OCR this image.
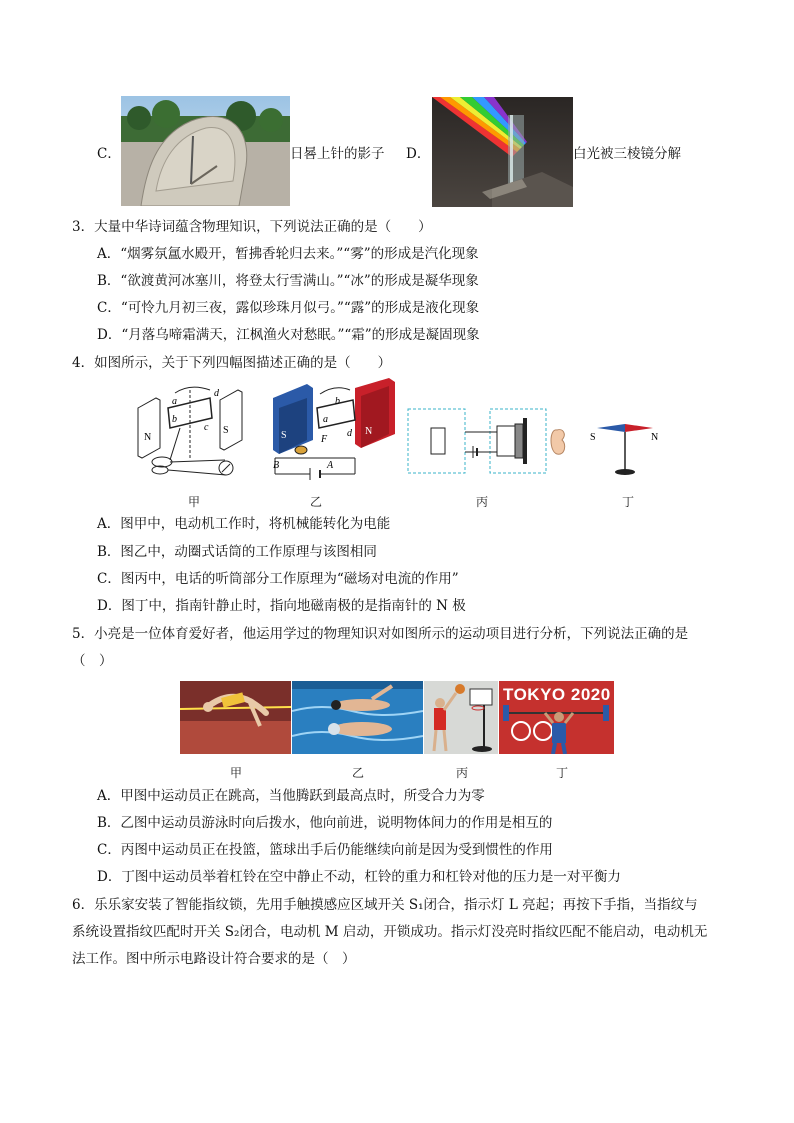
C．	日晷上针的影子 D．	白光被三棱镜分解
3．大量中华诗词蕴含物理知识，下列说法正确的是（　　）
A．“烟雾氛氲水殿开，暂拂香轮归去来。”“雾”的形成是汽化现象
B．“欲渡黄河冰塞川，将登太行雪满山。”“冰”的形成是凝华现象
C．“可怜九月初三夜，露似珍珠月似弓。”“露”的形成是液化现象
D．“月落乌啼霜满天，江枫渔火对愁眠。”“霜”的形成是凝固现象
4．如图所示，关于下列四幅图描述正确的是（　　）
N
S
a
d
b
c
S	N
b
a
d
F
B	A
S	N
甲	乙	丙	丁
A．图甲中，电动机工作时，将机械能转化为电能
B．图乙中，动圈式话筒的工作原理与该图相同
C．图丙中，电话的听筒部分工作原理为“磁场对电流的作用”
D．图丁中，指南针静止时，指向地磁南极的是指南针的 N 极
5．小亮是一位体育爱好者，他运用学过的物理知识对如图所示的运动项目进行分析，下列说法正确的是
（　）
TOKYO 2020
甲	乙	丙	丁
A．甲图中运动员正在跳高，当他腾跃到最高点时，所受合力为零
B．乙图中运动员游泳时向后拨水，他向前进，说明物体间力的作用是相互的
C．丙图中运动员正在投篮，篮球出手后仍能继续向前是因为受到惯性的作用
D．丁图中运动员举着杠铃在空中静止不动，杠铃的重力和杠铃对他的压力是一对平衡力
6．乐乐家安装了智能指纹锁，先用手触摸感应区域开关 S₁闭合，指示灯 L 亮起；再按下手指，当指纹与
系统设置指纹匹配时开关 S₂闭合，电动机 M 启动，开锁成功。指示灯没亮时指纹匹配不能启动，电动机无
法工作。图中所示电路设计符合要求的是（　）
